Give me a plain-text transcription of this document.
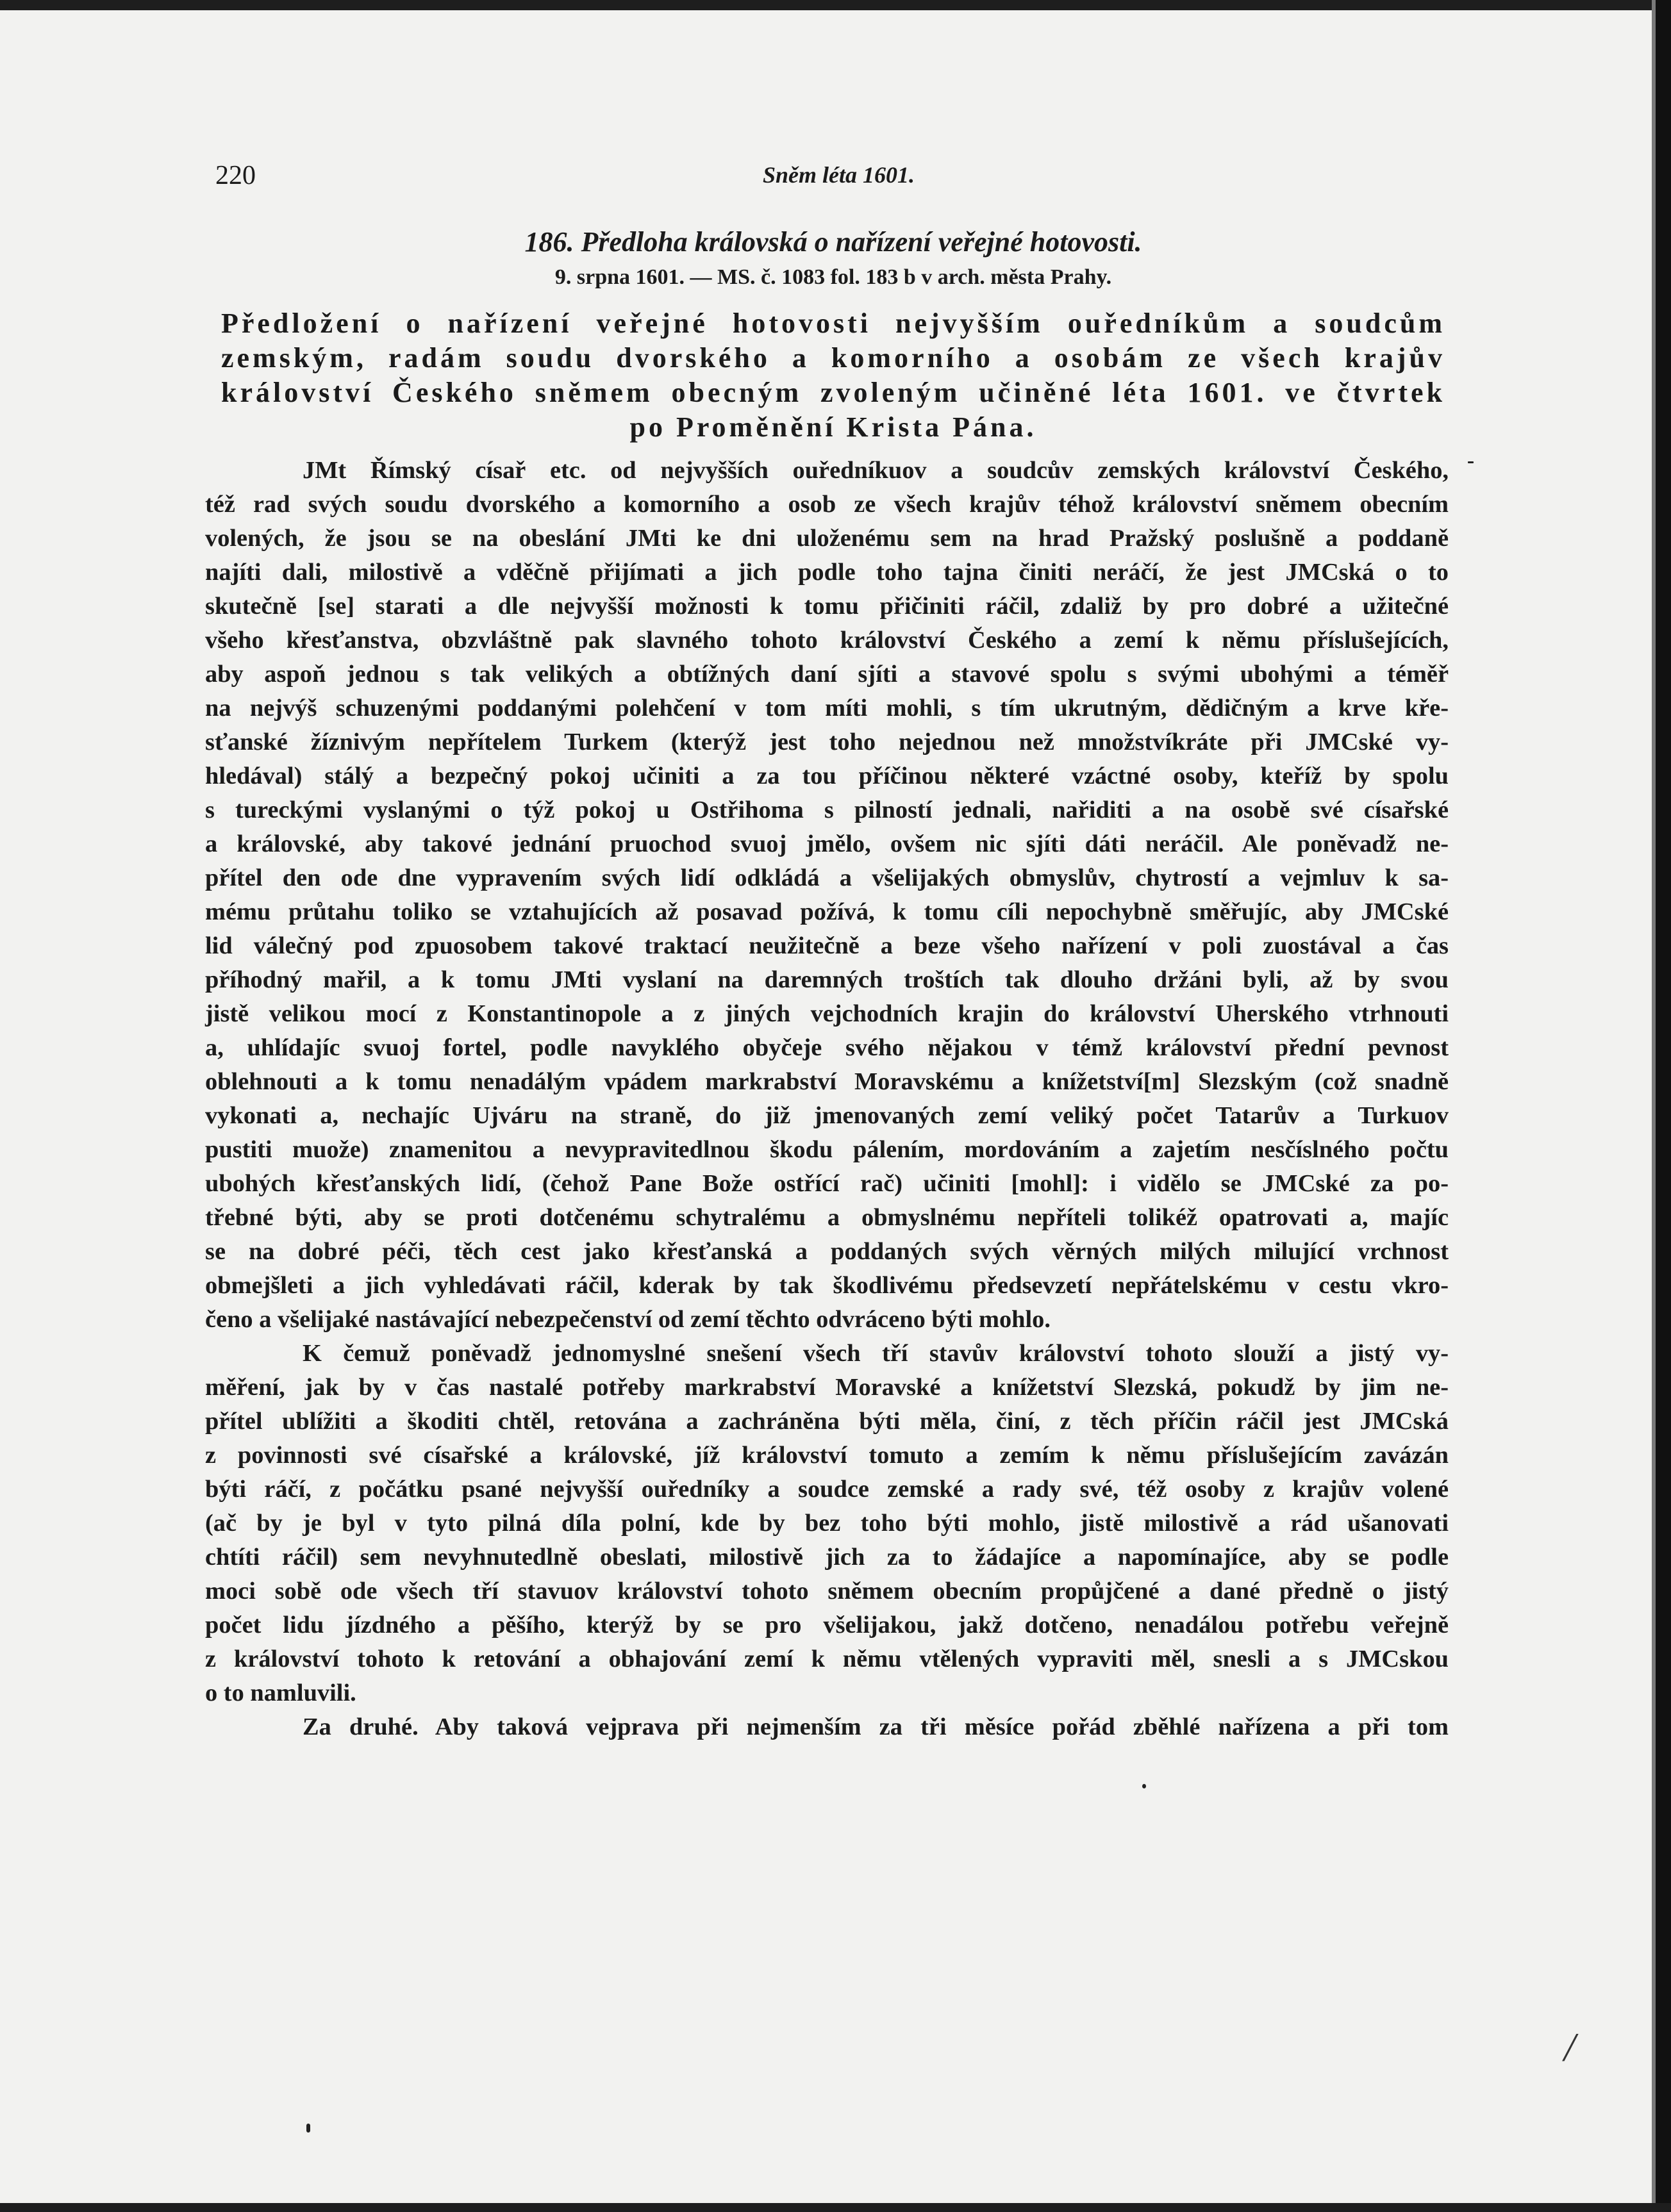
220	Sněm léta 1601.
186. Předloha královská o nařízení veřejné hotovosti.
9. srpna 1601. — MS. č. 1083 fol. 183 b v arch. města Prahy.
Předložení o nařízení veřejné hotovosti nejvyšším ouředníkům a soudcům
zemským, radám soudu dvorského a komorního a osobám ze všech krajův
království Českého sněmem obecným zvoleným učiněné léta 1601. ve čtvrtek
po Proměnění Krista Pána.
JMt Římský císař etc. od nejvyšších ouředníkuov a soudcův zemských království Českého,
též rad svých soudu dvorského a komorního a osob ze všech krajův téhož království sněmem obecním
volených, že jsou se na obeslání JMti ke dni uloženému sem na hrad Pražský poslušně a poddaně
najíti dali, milostivě a vděčně přijímati a jich podle toho tajna činiti neráčí, že jest JMCská o to
skutečně [se] starati a dle nejvyšší možnosti k tomu přičiniti ráčil, zdaliž by pro dobré a užitečné
všeho křesťanstva, obzvláštně pak slavného tohoto království Českého a zemí k němu příslušejících,
aby aspoň jednou s tak velikých a obtížných daní sjíti a stavové spolu s svými ubohými a téměř
na nejvýš schuzenými poddanými polehčení v tom míti mohli, s tím ukrutným, dědičným a krve kře-
sťanské žíznivým nepřítelem Turkem (kterýž jest toho nejednou než množstvíkráte při JMCské vy-
hledával) stálý a bezpečný pokoj učiniti a za tou příčinou některé vzáctné osoby, kteříž by spolu
s tureckými vyslanými o týž pokoj u Ostřihoma s pilností jednali, nařiditi a na osobě své císařské
a královské, aby takové jednání pruochod svuoj jmělo, ovšem nic sjíti dáti neráčil. Ale poněvadž ne-
přítel den ode dne vypravením svých lidí odkládá a všelijakých obmyslův, chytrostí a vejmluv k sa-
mému průtahu toliko se vztahujících až posavad požívá, k tomu cíli nepochybně směřujíc, aby JMCské
lid válečný pod zpuosobem takové traktací neužitečně a beze všeho nařízení v poli zuostával a čas
příhodný mařil, a k tomu JMti vyslaní na daremných troštích tak dlouho držáni byli, až by svou
jistě velikou mocí z Konstantinopole a z jiných vejchodních krajin do království Uherského vtrhnouti
a, uhlídajíc svuoj fortel, podle navyklého obyčeje svého nějakou v témž království přední pevnost
oblehnouti a k tomu nenadálým vpádem markrabství Moravskému a knížetství[m] Slezským (což snadně
vykonati a, nechajíc Ujváru na straně, do již jmenovaných zemí veliký počet Tatarův a Turkuov
pustiti muože) znamenitou a nevypravitedlnou škodu pálením, mordováním a zajetím nesčíslného počtu
ubohých křesťanských lidí, (čehož Pane Bože ostřící rač) učiniti [mohl]: i vidělo se JMCské za po-
třebné býti, aby se proti dotčenému schytralému a obmyslnému nepříteli tolikéž opatrovati a, majíc
se na dobré péči, těch cest jako křesťanská a poddaných svých věrných milých milující vrchnost
obmejšleti a jich vyhledávati ráčil, kderak by tak škodlivému předsevzetí nepřátelskému v cestu vkro-
čeno a všelijaké nastávající nebezpečenství od zemí těchto odvráceno býti mohlo.
K čemuž poněvadž jednomyslné snešení všech tří stavův království tohoto slouží a jistý vy-
měření, jak by v čas nastalé potřeby markrabství Moravské a knížetství Slezská, pokudž by jim ne-
přítel ublížiti a škoditi chtěl, retována a zachráněna býti měla, činí, z těch příčin ráčil jest JMCská
z povinnosti své císařské a královské, jíž království tomuto a zemím k němu příslušejícím zavázán
býti ráčí, z počátku psané nejvyšší ouředníky a soudce zemské a rady své, též osoby z krajův volené
(ač by je byl v tyto pilná díla polní, kde by bez toho býti mohlo, jistě milostivě a rád ušanovati
chtíti ráčil) sem nevyhnutedlně obeslati, milostivě jich za to žádajíce a napomínajíce, aby se podle
moci sobě ode všech tří stavuov království tohoto sněmem obecním propůjčené a dané předně o jistý
počet lidu jízdného a pěšího, kterýž by se pro všelijakou, jakž dotčeno, nenadálou potřebu veřejně
z království tohoto k retování a obhajování zemí k němu vtělených vypraviti měl, snesli a s JMCskou
o to namluvili.
Za druhé. Aby taková vejprava při nejmenším za tři měsíce pořád zběhlé nařízena a při tom
/
